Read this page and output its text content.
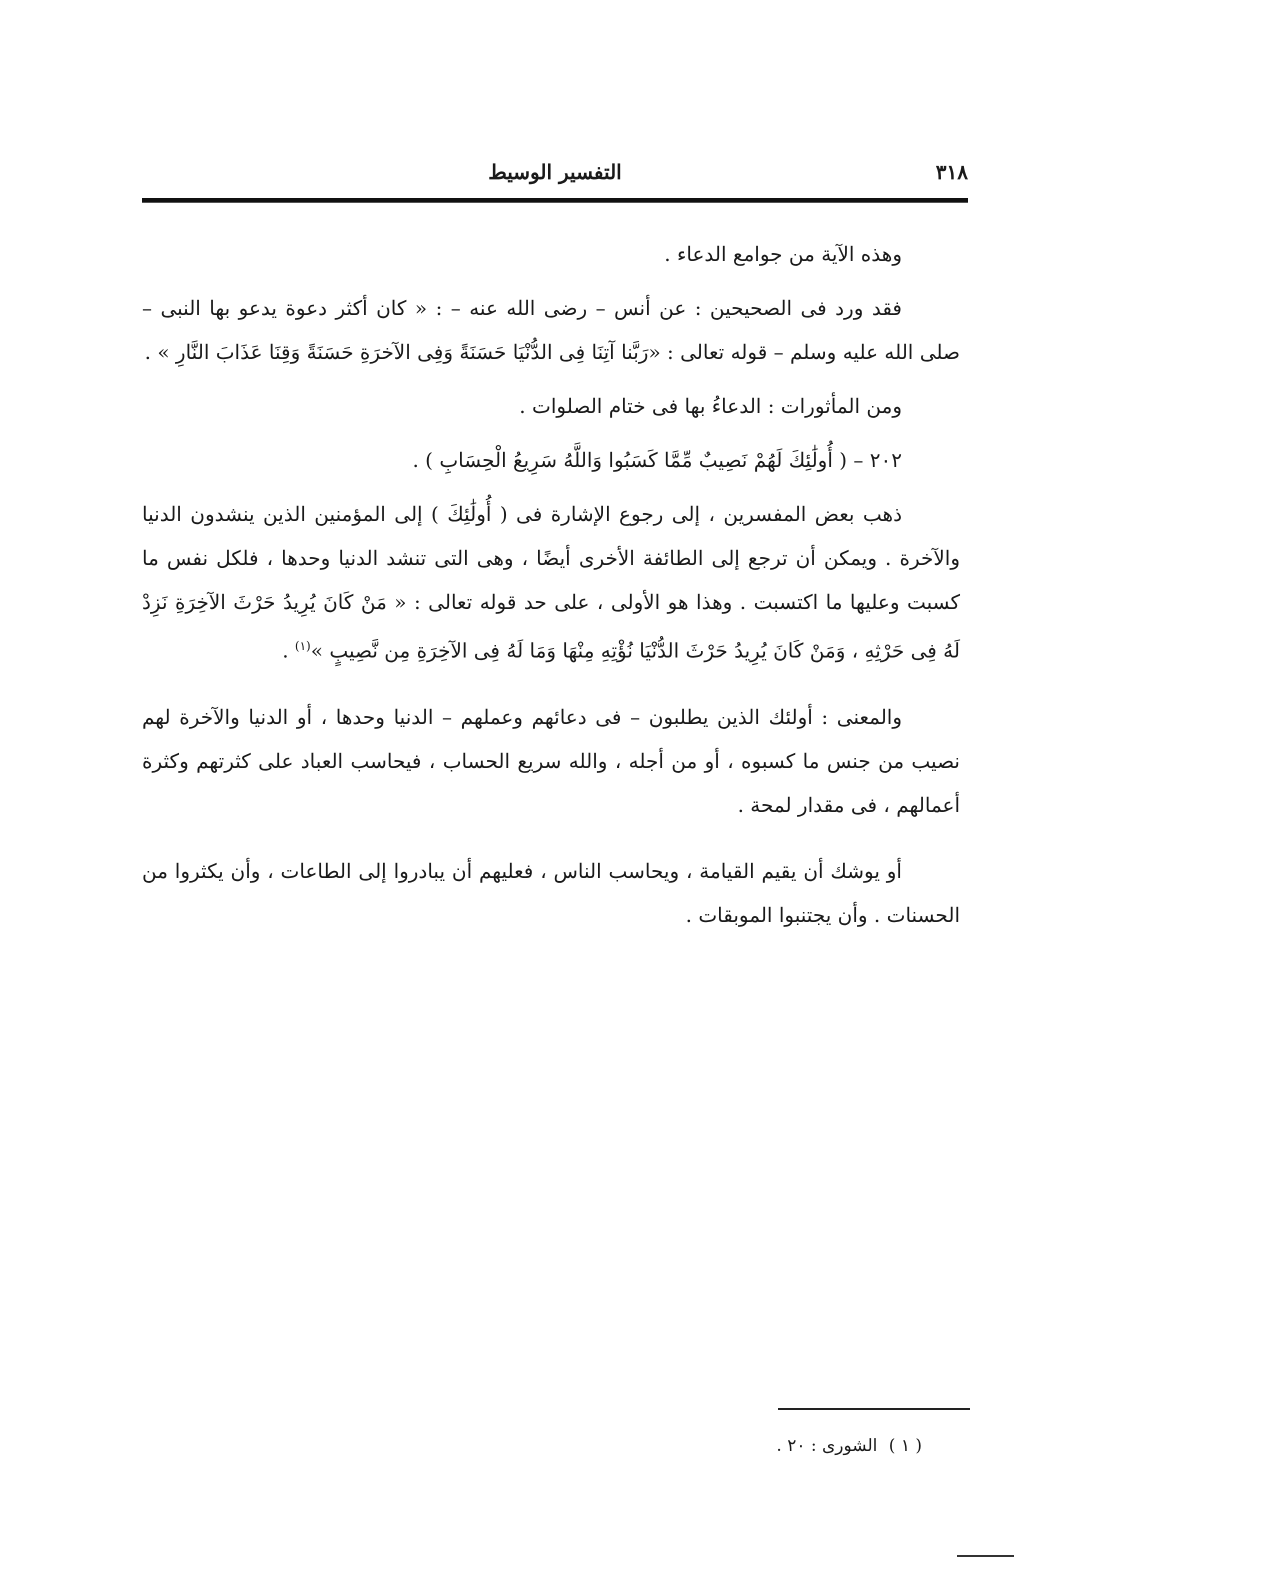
٣١٨
التفسير الوسيط

وهذه الآية من جوامع الدعاء .

فقد ورد فى الصحيحين : عن أنس – رضى الله عنه – : « كان أكثر دعوة يدعو بها النبى – صلى الله عليه وسلم – قوله تعالى : «رَبَّنا آتِنَا فِى الدُّنْيَا حَسَنَةً وَفِى الآخرَةِ حَسَنَةً وَقِنَا عَذَابَ النَّارِ » .

ومن المأثورات : الدعاءُ بها فى ختام الصلوات .

٢٠٢ – ( أُولَٰئِكَ لَهُمْ نَصِيبٌ مِّمَّا كَسَبُوا وَاللَّهُ سَرِيعُ الْحِسَابِ ) .

ذهب بعض المفسرين ، إلى رجوع الإشارة فى ( أُولَٰئِكَ ) إلى المؤمنين الذين ينشدون الدنيا والآخرة . ويمكن أن ترجع إلى الطائفة الأخرى أيضًا ، وهى التى تنشد الدنيا وحدها ، فلكل نفس ما كسبت وعليها ما اكتسبت . وهذا هو الأولى ، على حد قوله تعالى : « مَنْ كَانَ يُرِيدُ حَرْثَ الآخِرَةِ نَزِدْ لَهُ فِى حَرْثِهِ ، وَمَنْ كَانَ يُرِيدُ حَرْثَ الدُّنْيَا نُؤْتِهِ مِنْهَا وَمَا لَهُ فِى الآخِرَةِ مِن نَّصِيبٍ »$^{(١)}$ .

والمعنى : أولئك الذين يطلبون – فى دعائهم وعملهم – الدنيا وحدها ، أو الدنيا والآخرة لهم نصيب من جنس ما كسبوه ، أو من أجله ، والله سريع الحساب ، فيحاسب العباد على كثرتهم وكثرة أعمالهم ، فى مقدار لمحة .

أو يوشك أن يقيم القيامة ، ويحاسب الناس ، فعليهم أن يبادروا إلى الطاعات ، وأن يكثروا من الحسنات . وأن يجتنبوا الموبقات .

( ١ ) الشورى : ٢٠ .
